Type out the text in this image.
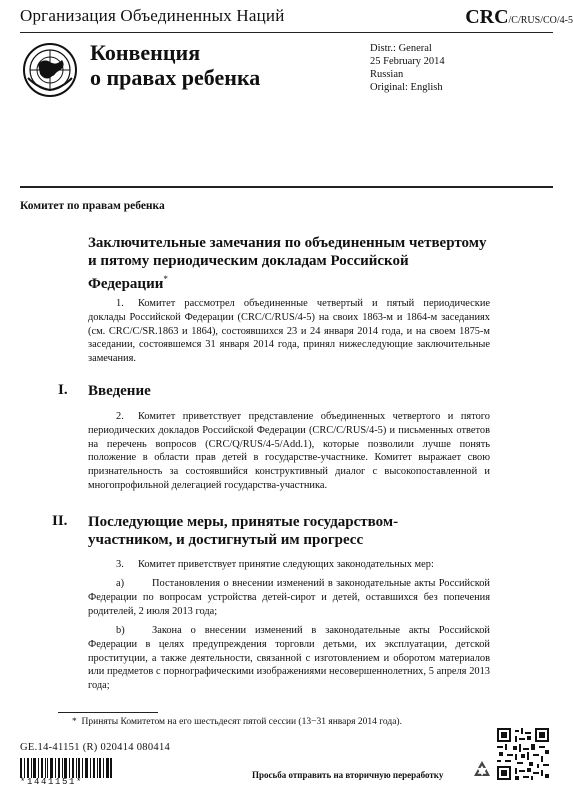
Организация Объединенных Наций	CRC/C/RUS/CO/4-5
Конвенция
о правах ребенка
Distr.: General
25 February 2014
Russian
Original: English
Комитет по правам ребенка
Заключительные замечания по объединенным четвертому и пятому периодическим докладам Российской Федерации*
1. Комитет рассмотрел объединенные четвертый и пятый периодические доклады Российской Федерации (CRC/C/RUS/4-5) на своих 1863-м и 1864-м заседаниях (см. CRC/C/SR.1863 и 1864), состоявшихся 23 и 24 января 2014 года, и на своем 1875-м заседании, состоявшемся 31 января 2014 года, принял нижеследующие заключительные замечания.
I. Введение
2. Комитет приветствует представление объединенных четвертого и пятого периодических докладов Российской Федерации (CRC/C/RUS/4-5) и письменных ответов на перечень вопросов (CRC/Q/RUS/4-5/Add.1), которые позволили лучше понять положение в области прав детей в государстве-участнике. Комитет выражает свою признательность за состоявшийся конструктивный диалог с высокопоставленной и многопрофильной делегацией государства-участника.
II. Последующие меры, принятые государством-
участником, и достигнутый им прогресс
3. Комитет приветствует принятие следующих законодательных мер:
a)	Постановления о внесении изменений в законодательные акты Российской Федерации по вопросам устройства детей-сирот и детей, оставшихся без попечения родителей, 2 июля 2013 года;
b)	Закона о внесении изменений в законодательные акты Российской Федерации в целях предупреждения торговли детьми, их эксплуатации, детской проституции, а также деятельности, связанной с изготовлением и оборотом материалов или предметов с порнографическими изображениями несовершеннолетних, 5 апреля 2013 года;
* Приняты Комитетом на его шестьдесят пятой сессии (13−31 января 2014 года).
GE.14-41151 (R) 020414 080414
*1441151*
Просьба отправить на вторичную переработку
